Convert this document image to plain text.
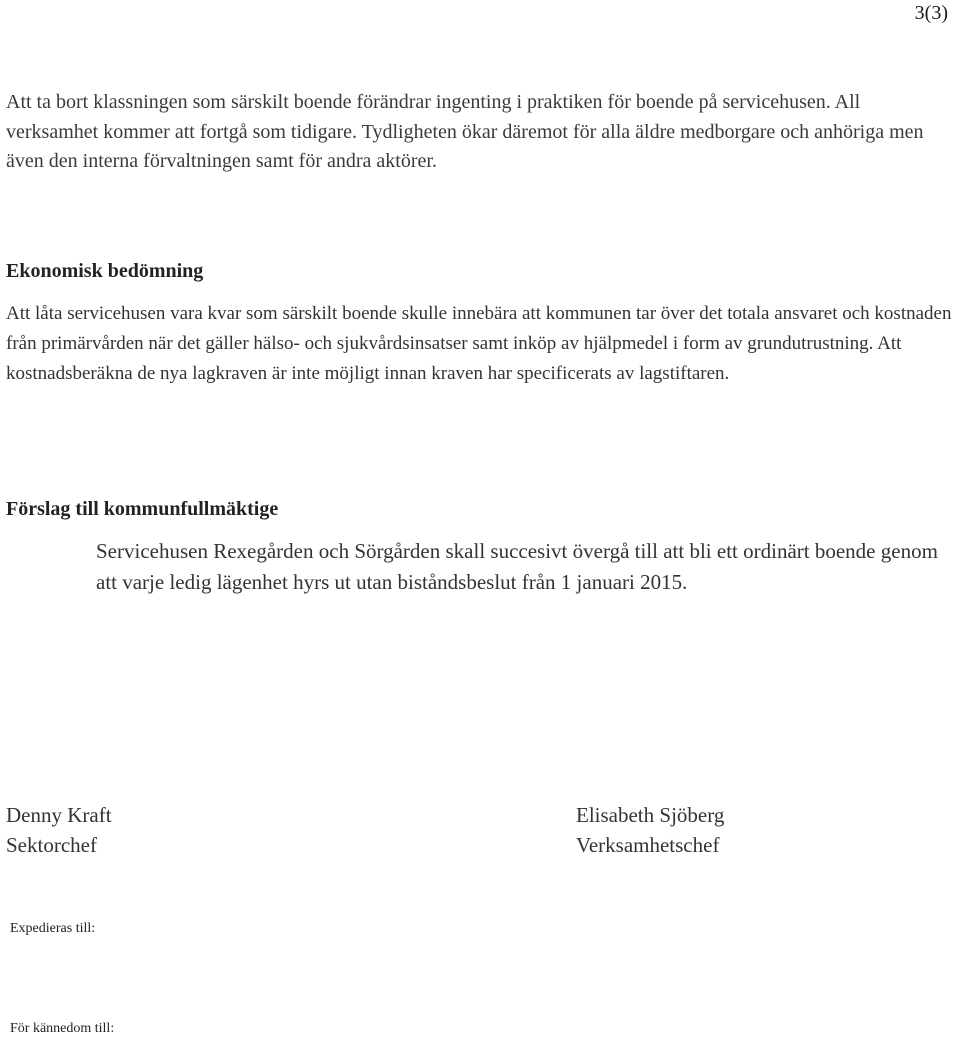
3(3)

Att ta bort klassningen som särskilt boende förändrar ingenting i praktiken för boende på servicehusen. All verksamhet kommer att fortgå som tidigare. Tydligheten ökar däremot för alla äldre medborgare och anhöriga men även den interna förvaltningen samt för andra aktörer.

Ekonomisk bedömning

Att låta servicehusen vara kvar som särskilt boende skulle innebära att kommunen tar över det totala ansvaret och kostnaden från primärvården när det gäller hälso- och sjukvårdsinsatser samt inköp av hjälpmedel i form av grundutrustning. Att kostnadsberäkna de nya lagkraven är inte möjligt innan kraven har specificerats av lagstiftaren.

Förslag till kommunfullmäktige

Servicehusen Rexegården och Sörgården skall succesivt övergå till att bli ett ordinärt boende genom att varje ledig lägenhet hyrs ut utan biståndsbeslut från 1 januari 2015.

Denny Kraft
Sektorchef
Elisabeth Sjöberg
Verksamhetschef
Expedieras till:
För kännedom till:
